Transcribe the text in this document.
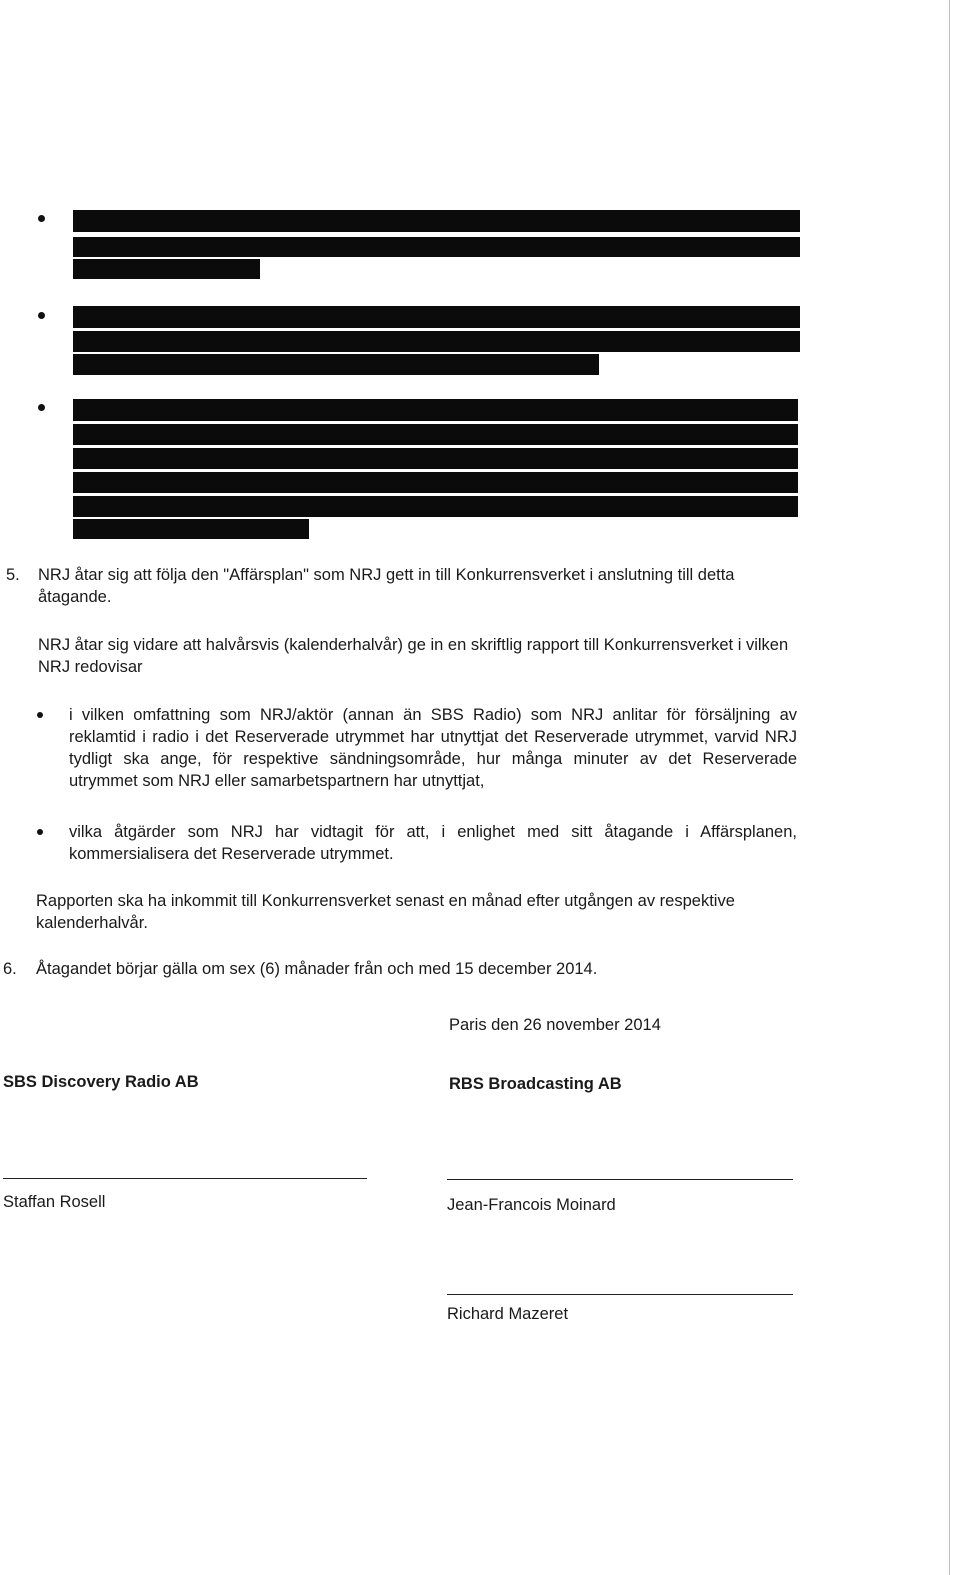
5. NRJ åtar sig att följa den "Affärsplan" som NRJ gett in till Konkurrensverket i anslutning till detta åtagande.
NRJ åtar sig vidare att halvårsvis (kalenderhalvår) ge in en skriftlig rapport till Konkurrensverket i vilken NRJ redovisar
i vilken omfattning som NRJ/aktör (annan än SBS Radio) som NRJ anlitar för försäljning av reklamtid i radio i det Reserverade utrymmet har utnyttjat det Reserverade utrymmet, varvid NRJ tydligt ska ange, för respektive sändningsområde, hur många minuter av det Reserverade utrymmet som NRJ eller samarbetspartnern har utnyttjat,
vilka åtgärder som NRJ har vidtagit för att, i enlighet med sitt åtagande i Affärsplanen, kommersialisera det Reserverade utrymmet.
Rapporten ska ha inkommit till Konkurrensverket senast en månad efter utgången av respektive kalenderhalvår.
6. Åtagandet börjar gälla om sex (6) månader från och med 15 december 2014.
Paris den 26 november 2014
SBS Discovery Radio AB	RBS Broadcasting AB
Staffan Rosell	Jean-Francois Moinard
Richard Mazeret
